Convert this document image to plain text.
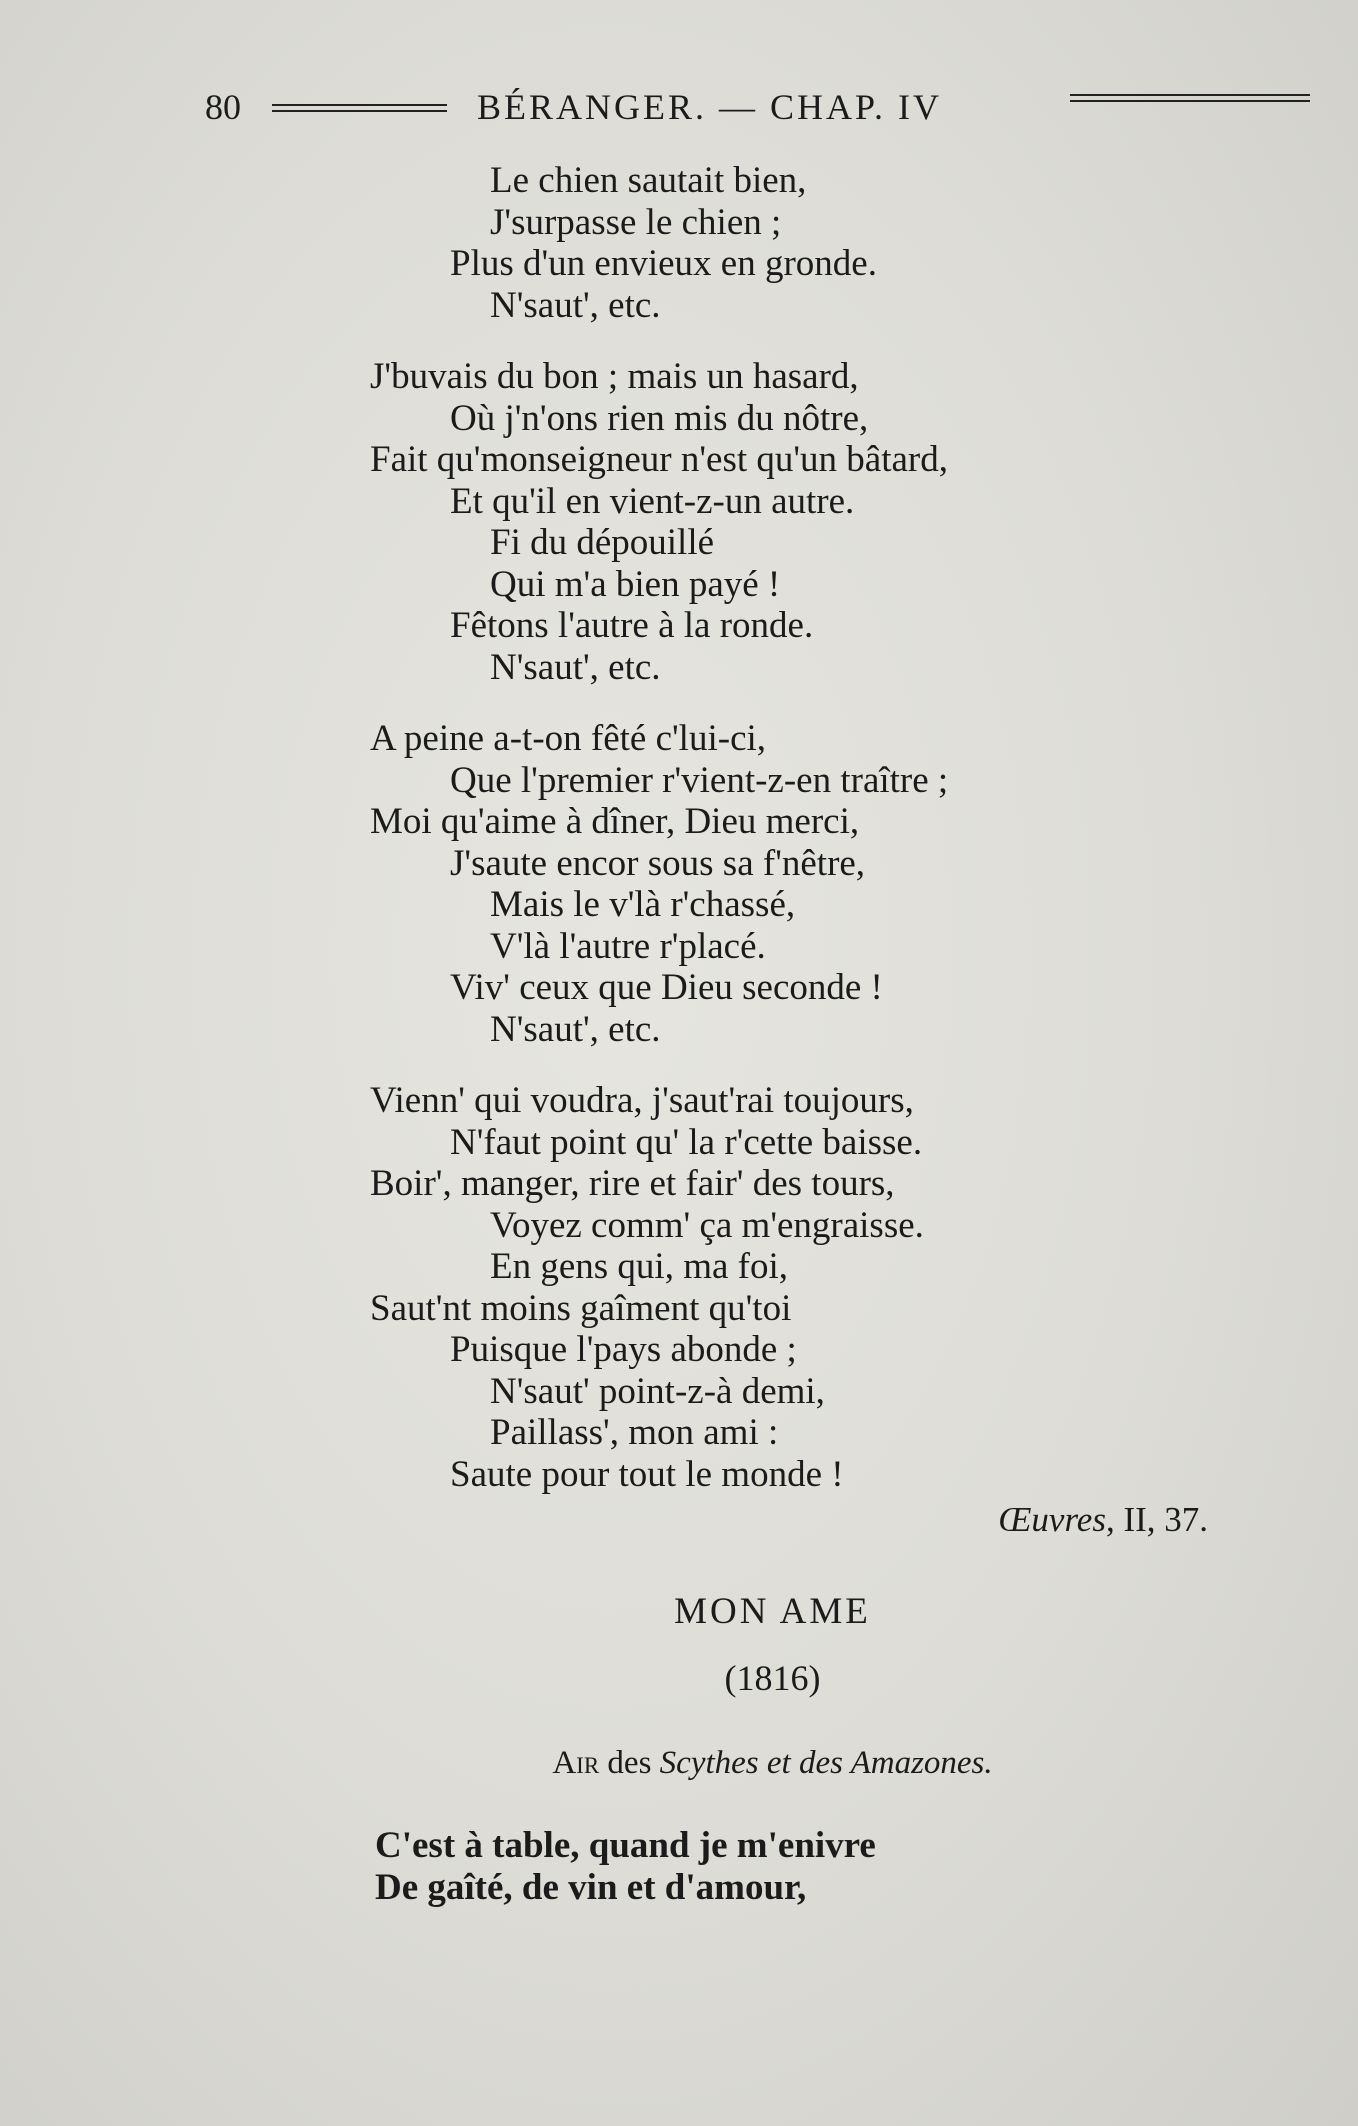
80	BÉRANGER. — CHAP. IV
Le chien sautait bien,
J'surpasse le chien ;
Plus d'un envieux en gronde.
N'saut', etc.
J'buvais du bon ; mais un hasard,
Où j'n'ons rien mis du nôtre,
Fait qu'monseigneur n'est qu'un bâtard,
Et qu'il en vient-z-un autre.
Fi du dépouillé
Qui m'a bien payé !
Fêtons l'autre à la ronde.
N'saut', etc.
A peine a-t-on fêté c'lui-ci,
Que l'premier r'vient-z-en traître ;
Moi qu'aime à dîner, Dieu merci,
J'saute encor sous sa f'nêtre,
Mais le v'là r'chassé,
V'là l'autre r'placé.
Viv' ceux que Dieu seconde !
N'saut', etc.
Vienn' qui voudra, j'saut'rai toujours,
N'faut point qu' la r'cette baisse.
Boir', manger, rire et fair' des tours,
Voyez comm' ça m'engraisse.
En gens qui, ma foi,
Saut'nt moins gaîment qu'toi
Puisque l'pays abonde ;
N'saut' point-z-à demi,
Paillass', mon ami :
Saute pour tout le monde !
Œuvres, II, 37.
MON AME
(1816)
Air des Scythes et des Amazones.
C'est à table, quand je m'enivre
De gaîté, de vin et d'amour,
